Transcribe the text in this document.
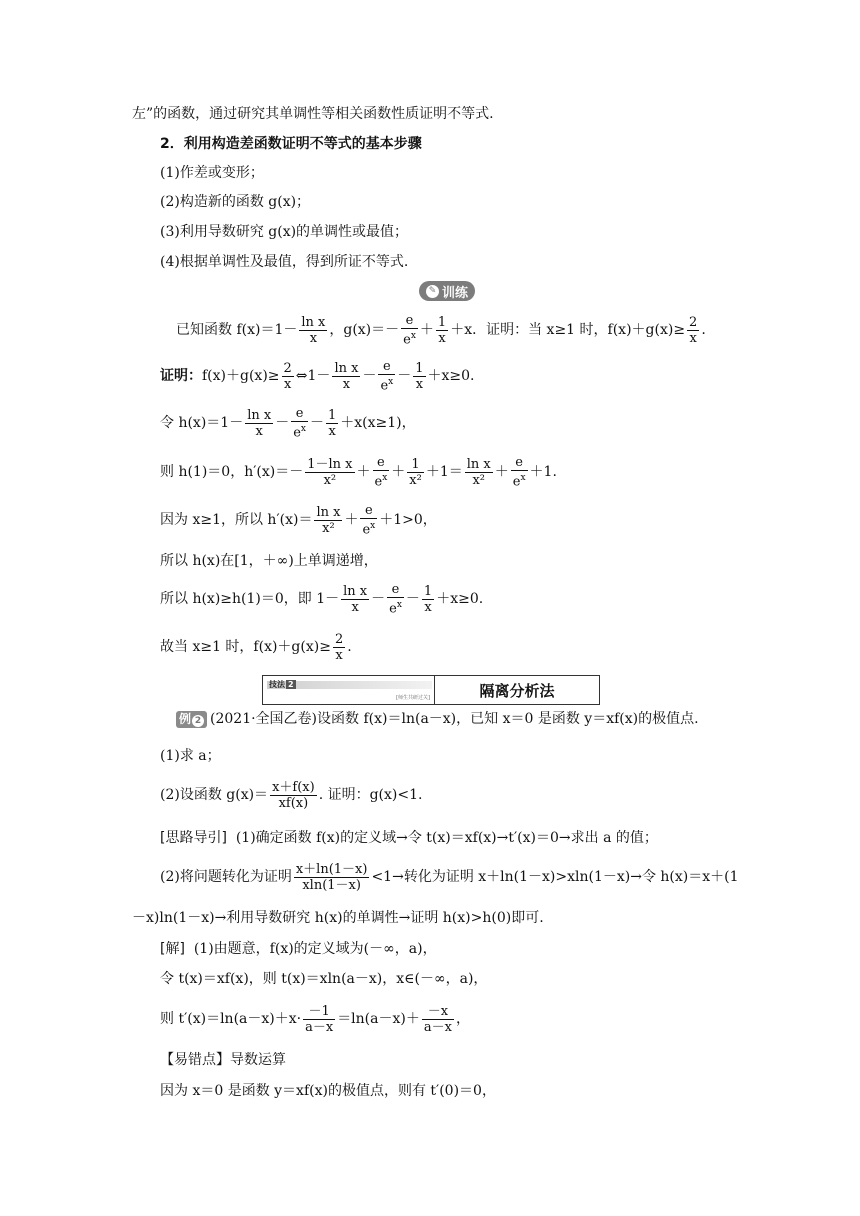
左”的函数，通过研究其单调性等相关函数性质证明不等式.
2．利用构造差函数证明不等式的基本步骤
(1)作差或变形；
(2)构造新的函数 g(x)；
(3)利用导数研究 g(x)的单调性或最值；
(4)根据单调性及最值，得到所证不等式.
✎ 训练
已知函数 $f(x)=1- \frac{\text{ln x}}{x}$ ，$g(x)=- \frac{e}{e^x} + \frac{1}{x} +x$．证明：当 x≥1 时，$f(x)+g(x)\ge \frac{2}{x}$ .
证明：$f(x)+g(x)\ge \frac{2}{x}$ ⇔1－ $\frac{\text{ln x}}{x} - \frac{e}{e^x} - \frac{1}{x} +x\ge 0$.
令 $h(x)=1- \frac{\text{ln x}}{x} - \frac{e}{e^x} - \frac{1}{x} +x(x\ge 1)$，
则 h(1)＝0，$h'(x)=- \frac{\text{1－ln x}}{\text{x²}} + \frac{e}{e^x} + \frac{1}{\text{x²}} +1= \frac{\text{ln x}}{\text{x²}} + \frac{e}{e^x} +1$.
因为 x≥1，所以 $h'(x)= \frac{\text{ln x}}{\text{x²}} + \frac{e}{e^x} +1>0$，
所以 h(x)在[1，＋∞)上单调递增，
所以 h(x)≥h(1)＝0，即 $1- \frac{\text{ln x}}{x} - \frac{e}{e^x} - \frac{1}{x} +x\ge 0$.
故当 x≥1 时，$f(x)+g(x)\ge \frac{2}{x}$ .
技法 2
[师生共研过关]	隔离分析法
例 2 (2021·全国乙卷)设函数 f(x)＝ln(a－x)，已知 x＝0 是函数 y＝xf(x)的极值点.
(1)求 a；
(2)设函数 $g(x)= \frac{x+f(x)}{xf(x)}$ . 证明：g(x)<1.
[思路导引] (1)确定函数 f(x)的定义域→令 t(x)＝xf(x)→t′(x)＝0→求出 a 的值；
(2)将问题转化为证明 $\frac{x+\ln(1-x)}{xln(1-x)} <1\to$转化为证明 x＋ln(1－x)>xln(1－x)→令 h(x)＝x＋(1
－x)ln(1－x)→利用导数研究 h(x)的单调性→证明 h(x)>h(0)即可.
[解] (1)由题意，f(x)的定义域为(－∞，a)，
令 t(x)＝xf(x)，则 t(x)＝xln(a－x)，x∈(－∞，a)，
则 $t'(x)=\ln(a-x)+x\cdot \frac{-1}{a-x} =\ln(a-x)+ \frac{-x}{a-x}$ ，
【易错点】导数运算
因为 x＝0 是函数 y＝xf(x)的极值点，则有 t′(0)＝0，
